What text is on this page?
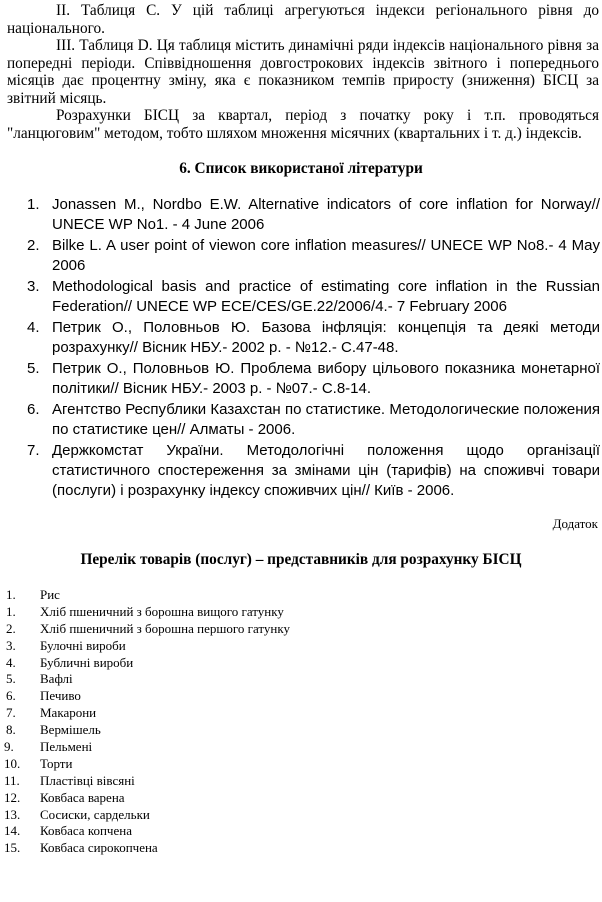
II. Таблиця C. У цій таблиці агрегуються індекси регіонального рівня до національного.

III. Таблиця D. Ця таблиця містить динамічні ряди індексів національного рівня за попередні періоди. Співвідношення довгострокових індексів звітного і попереднього місяців дає процентну зміну, яка є показником темпів приросту (зниження) БІСЦ за звітний місяць.

Розрахунки БІСЦ за квартал, період з початку року і т.п. проводяться "ланцюговим" методом, тобто шляхом множення місячних (квартальних і т. д.) індексів.

6. Список використаної літератури
1. Jonassen M., Nordbo E.W. Alternative indicators of core inflation for Norway// UNECE WP No1. - 4 June 2006
2. Bilke L. A user point of viewon core inflation measures// UNECE WP No8.- 4 May 2006
3. Methodological basis and practice of estimating core inflation in the Russian Federation// UNECE WP ECE/CES/GE.22/2006/4.- 7 February 2006
4. Петрик О., Половньов Ю. Базова інфляція: концепція та деякі методи розрахунку// Вісник НБУ.- 2002 р. - №12.- С.47-48.
5. Петрик О., Половньов Ю. Проблема вибору цільового показника монетарної політики// Вісник НБУ.- 2003 р. - №07.- С.8-14.
6. Агентство Республики Казахстан по статистике. Методологические положения по статистике цен// Алматы - 2006.
7. Держкомстат України. Методологічні положення щодо організації статистичного спостереження за змінами цін (тарифів) на споживчі товари (послуги) і розрахунку індексу споживчих цін// Київ - 2006.
Додаток
Перелік товарів (послуг) – представників для розрахунку БІСЦ
1.	Рис
1.	Хліб пшеничний з борошна вищого гатунку
2.	Хліб пшеничний з борошна першого гатунку
3.	Булочні вироби
4.	Бубличні вироби
5.	Вафлі
6.	Печиво
7.	Макарони
8.	Вермішель
9.	Пельмені
10.	Торти
11.	Пластівці вівсяні
12.	Ковбаса варена
13.	Сосиски, сардельки
14.	Ковбаса копчена
15.	Ковбаса сирокопчена
